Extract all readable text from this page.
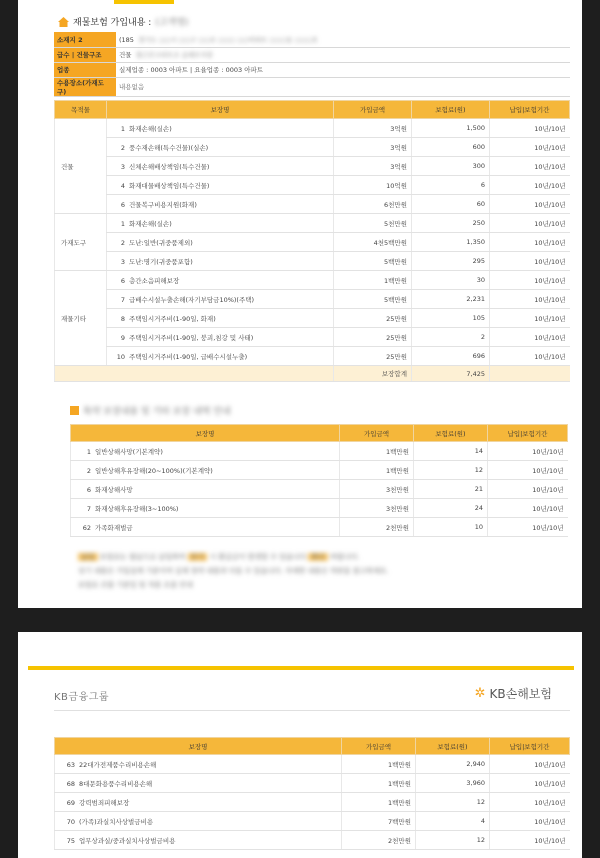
재물보험 가입내용 : (고객명)
소재지 2	(185 경기도 ○○시 ○○구 ○○로 ○○○ ○○아파트 ○○○동 ○○○호
급수 | 건물구조	건물 철근콘크리트조 슬래브지붕
업종	실제업종 : 0003 아파트 | 요율업종 : 0003 아파트
수용장소(가재도구)	내용없음
목적물	보장명	가입금액	보험료(원)	납입|보험기간
건물	1 화재손해(실손)	3억원	1,500	10년/10년
	2 풍수재손해(특수건물)(실손)	3억원	600	10년/10년
	3 신체손해배상책임(특수건물)	3억원	300	10년/10년
	4 화재대물배상책임(특수건물)	10억원	6	10년/10년
	6 건물복구비용지원(화재)	6천만원	60	10년/10년
가재도구	1 화재손해(실손)	5천만원	250	10년/10년
	2 도난:일반(귀중품제외)	4천5백만원	1,350	10년/10년
	3 도난:명기(귀중품포함)	5백만원	295	10년/10년
재물기타	6 층간소음피해보장	1백만원	30	10년/10년
	7 급배수시설누출손해(자기부담금10%)(주택)	5백만원	2,231	10년/10년
	8 주택임시거주비(1-90일, 화재)	25만원	105	10년/10년
	9 주택임시거주비(1-90일, 붕괴,침강 및 사태)	25만원	2	10년/10년
	10 주택임시거주비(1-90일, 급배수시설누출)	25만원	696	10년/10년
		보장합계	7,425	
특약 보장내용 및 기타 보장 내역 안내
보장명	가입금액	보험료(원)	납입|보험기간
1 일반상해사망(기본계약)	1백만원	14	10년/10년
2 일반상해후유장해(20~100%)(기본계약)	1백만원	12	10년/10년
6 화재상해사망	3천만원	21	10년/10년
7 화재상해후유장해(3~100%)	3천만원	24	10년/10년
62 가족화재벌금	2천만원	10	10년/10년
납입 보험료는 월납으로 납입하며 만기 시 환급금이 발생할 수 있습니다 확인 바랍니다.
상기 내용은 가입설계 기준이며 실제 청약 내용과 다를 수 있습니다. 자세한 내용은 약관을 참고하세요.
보험료 산출 기준일 및 적용 요율 안내
KB금융그룹	✲ KB손해보험
보장명	가입금액	보험료(원)	납입|보험기간
63 22대가전제품수리비용손해	1백만원	2,940	10년/10년
68 8대문화용품수리비용손해	1백만원	3,960	10년/10년
69 강력범죄피해보장	1백만원	12	10년/10년
70 (가족)과실치사상벌금비용	7백만원	4	10년/10년
75 업무상과실/중과실치사상벌금비용	2천만원	12	10년/10년
